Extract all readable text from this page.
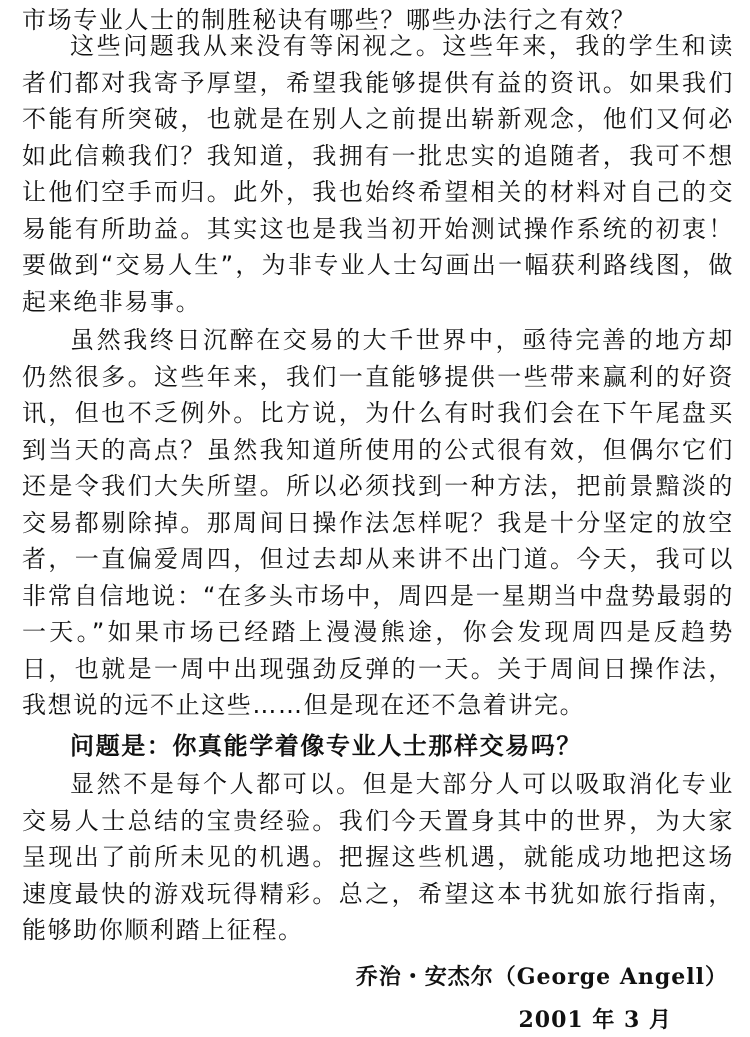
市场专业人士的制胜秘诀有哪些？哪些办法行之有效？

这些问题我从来没有等闲视之。这些年来，我的学生和读者们都对我寄予厚望，希望我能够提供有益的资讯。如果我们不能有所突破，也就是在别人之前提出崭新观念，他们又何必如此信赖我们？我知道，我拥有一批忠实的追随者，我可不想让他们空手而归。此外，我也始终希望相关的材料对自己的交易能有所助益。其实这也是我当初开始测试操作系统的初衷！要做到“交易人生”，为非专业人士勾画出一幅获利路线图，做起来绝非易事。

虽然我终日沉醉在交易的大千世界中，亟待完善的地方却仍然很多。这些年来，我们一直能够提供一些带来赢利的好资讯，但也不乏例外。比方说，为什么有时我们会在下午尾盘买到当天的高点？虽然我知道所使用的公式很有效，但偶尔它们还是令我们大失所望。所以必须找到一种方法，把前景黯淡的交易都剔除掉。那周间日操作法怎样呢？我是十分坚定的放空者，一直偏爱周四，但过去却从来讲不出门道。今天，我可以非常自信地说：“在多头市场中，周四是一星期当中盘势最弱的一天。”如果市场已经踏上漫漫熊途，你会发现周四是反趋势日，也就是一周中出现强劲反弹的一天。关于周间日操作法，我想说的远不止这些……但是现在还不急着讲完。

问题是：你真能学着像专业人士那样交易吗？

显然不是每个人都可以。但是大部分人可以吸取消化专业交易人士总结的宝贵经验。我们今天置身其中的世界，为大家呈现出了前所未见的机遇。把握这些机遇，就能成功地把这场速度最快的游戏玩得精彩。总之，希望这本书犹如旅行指南，能够助你顺利踏上征程。

乔治・安杰尔（George Angell）
2001 年 3 月
